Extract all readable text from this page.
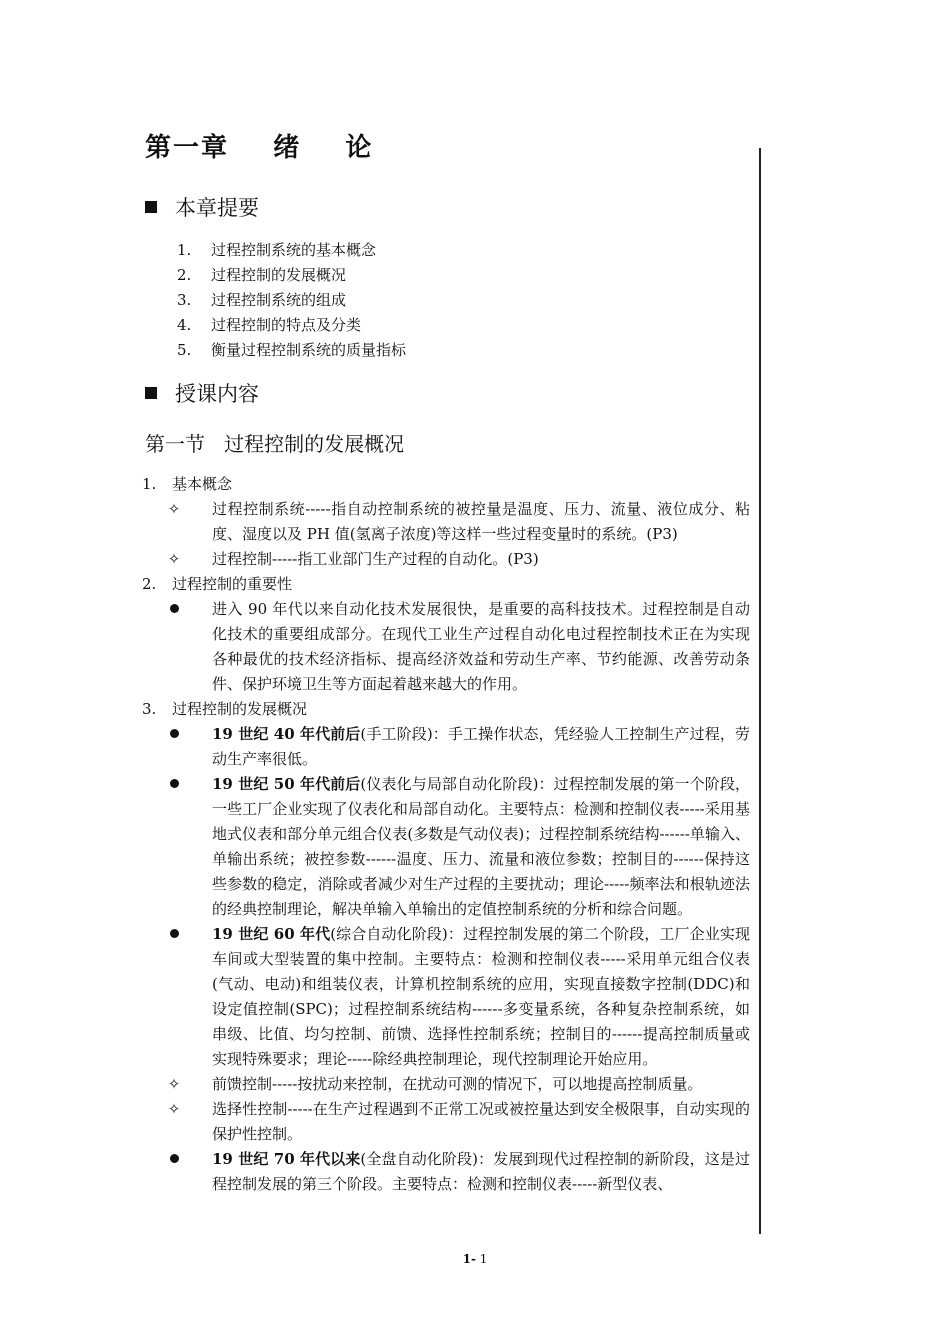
第一章    绪    论
本章提要
1.	过程控制系统的基本概念
2.	过程控制的发展概况
3.	过程控制系统的组成
4.	过程控制的特点及分类
5.	衡量过程控制系统的质量指标
授课内容
第一节   过程控制的发展概况
1.	基本概念
✧	过程控制系统-----指自动控制系统的被控量是温度、压力、流量、液位成分、粘度、湿度以及 PH 值(氢离子浓度)等这样一些过程变量时的系统。(P3)
✧	过程控制-----指工业部门生产过程的自动化。(P3)
2.	过程控制的重要性
进入 90 年代以来自动化技术发展很快，是重要的高科技技术。过程控制是自动化技术的重要组成部分。在现代工业生产过程自动化电过程控制技术正在为实现各种最优的技术经济指标、提高经济效益和劳动生产率、节约能源、改善劳动条件、保护环境卫生等方面起着越来越大的作用。
3.	过程控制的发展概况
19 世纪 40 年代前后(手工阶段)：手工操作状态，凭经验人工控制生产过程，劳动生产率很低。
19 世纪 50 年代前后(仪表化与局部自动化阶段)：过程控制发展的第一个阶段，一些工厂企业实现了仪表化和局部自动化。主要特点：检测和控制仪表-----采用基地式仪表和部分单元组合仪表(多数是气动仪表)；过程控制系统结构------单输入、单输出系统；被控参数------温度、压力、流量和液位参数；控制目的------保持这些参数的稳定，消除或者减少对生产过程的主要扰动；理论-----频率法和根轨迹法的经典控制理论，解决单输入单输出的定值控制系统的分析和综合问题。
19 世纪 60 年代(综合自动化阶段)：过程控制发展的第二个阶段，工厂企业实现车间或大型装置的集中控制。主要特点：检测和控制仪表-----采用单元组合仪表(气动、电动)和组装仪表，计算机控制系统的应用，实现直接数字控制(DDC)和设定值控制(SPC)；过程控制系统结构------多变量系统，各种复杂控制系统，如串级、比值、均匀控制、前馈、选择性控制系统；控制目的------提高控制质量或实现特殊要求；理论-----除经典控制理论，现代控制理论开始应用。
✧	前馈控制-----按扰动来控制，在扰动可测的情况下，可以地提高控制质量。
✧	选择性控制-----在生产过程遇到不正常工况或被控量达到安全极限事，自动实现的保护性控制。
19 世纪 70 年代以来(全盘自动化阶段)：发展到现代过程控制的新阶段，这是过程控制发展的第三个阶段。主要特点：检测和控制仪表-----新型仪表、
1- 1
